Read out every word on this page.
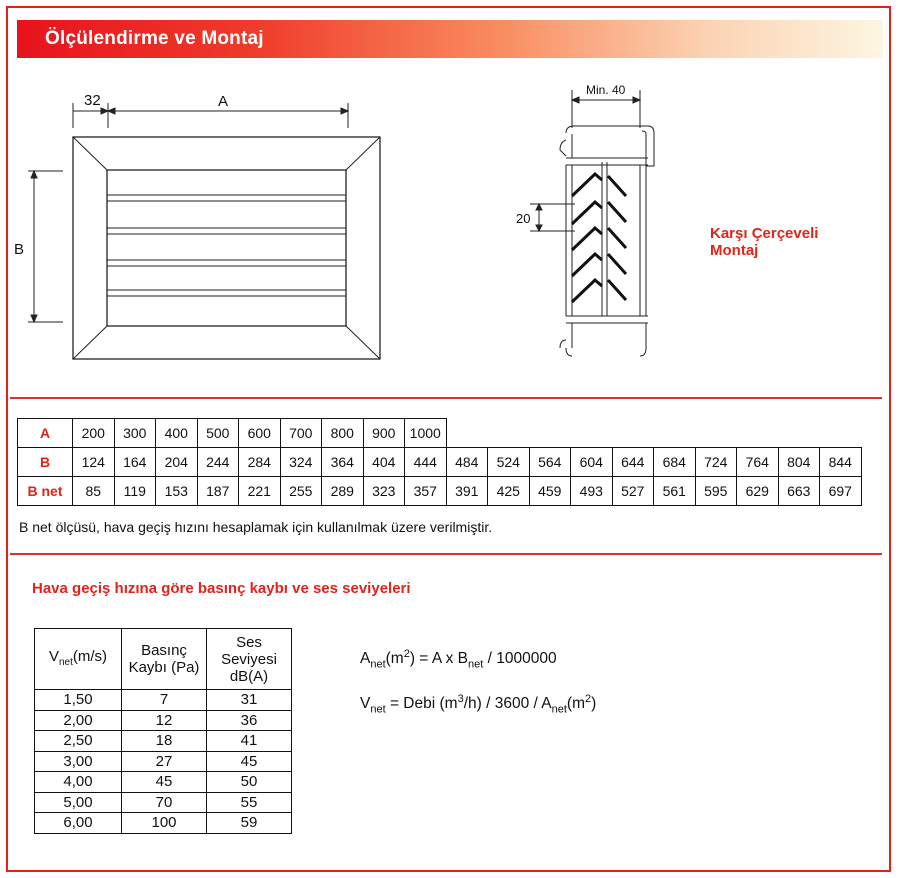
Ölçülendirme ve Montaj
32	A
B
Min. 40
20
Karşı Çerçeveli Montaj
A	200	300	400	500	600	700	800	900	1000										
B	124	164	204	244	284	324	364	404	444	484	524	564	604	644	684	724	764	804	844
B net	85	119	153	187	221	255	289	323	357	391	425	459	493	527	561	595	629	663	697
B net ölçüsü, hava geçiş hızını hesaplamak için kullanılmak üzere verilmiştir.
Hava geçiş hızına göre basınç kaybı ve ses seviyeleri
$V_{net}(m/s)$	Basınç Kaybı (Pa)	Ses Seviyesi dB(A)
1,50	7	31
2,00	12	36
2,50	18	41
3,00	27	45
4,00	45	50
5,00	70	55
6,00	100	59
$A_{net}(m^2) = A$ x $B_{net} / 1000000$
$V_{net}$ = Debi $(m^3/h) / 3600 / A_{net}(m^2)$
